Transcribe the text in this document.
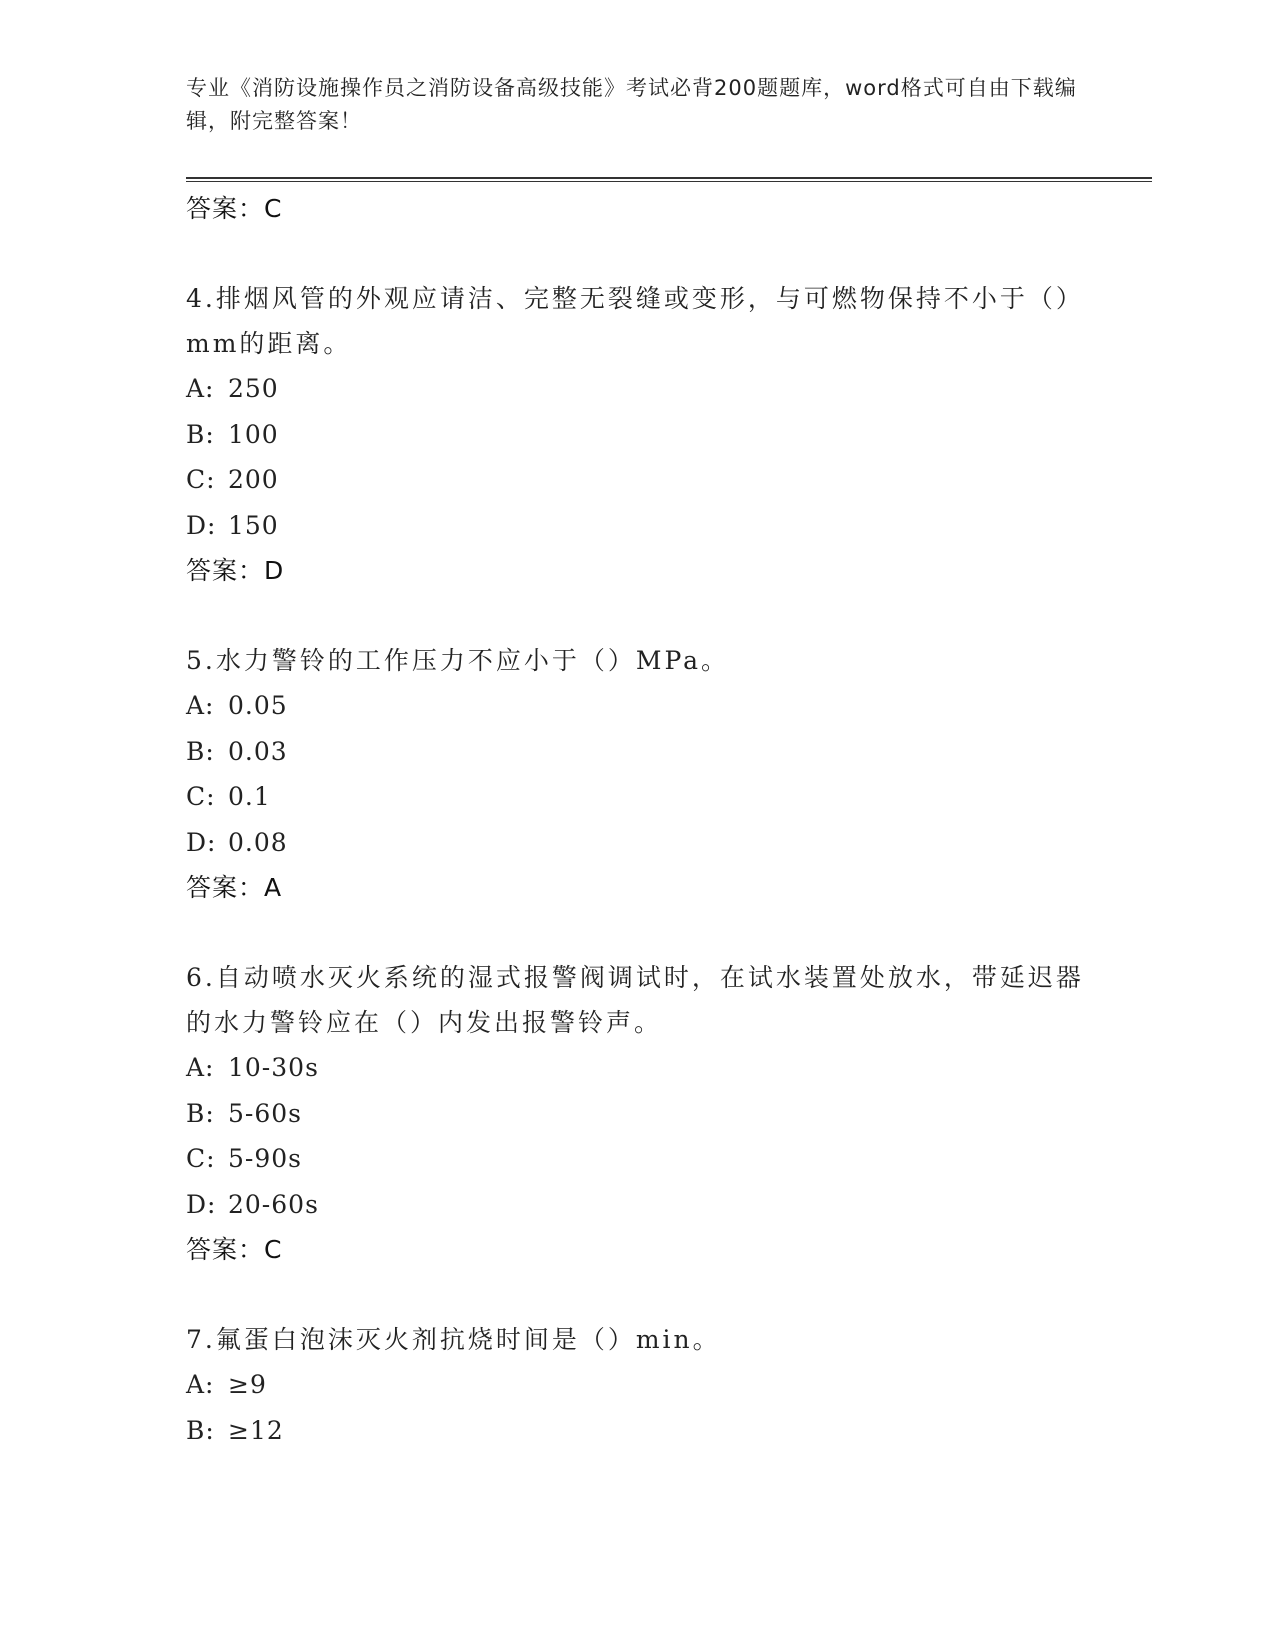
专业《消防设施操作员之消防设备高级技能》考试必背200题题库，word格式可自由下载编辑，附完整答案！
答案：C
4.排烟风管的外观应请洁、完整无裂缝或变形，与可燃物保持不小于（）mm的距离。
A: 250
B: 100
C: 200
D: 150
答案：D
5.水力警铃的工作压力不应小于（）MPa。
A: 0.05
B: 0.03
C: 0.1
D: 0.08
答案：A
6.自动喷水灭火系统的湿式报警阀调试时，在试水装置处放水，带延迟器的水力警铃应在（）内发出报警铃声。
A: 10-30s
B: 5-60s
C: 5-90s
D: 20-60s
答案：C
7.氟蛋白泡沫灭火剂抗烧时间是（）min。
A: ≥9
B: ≥12
